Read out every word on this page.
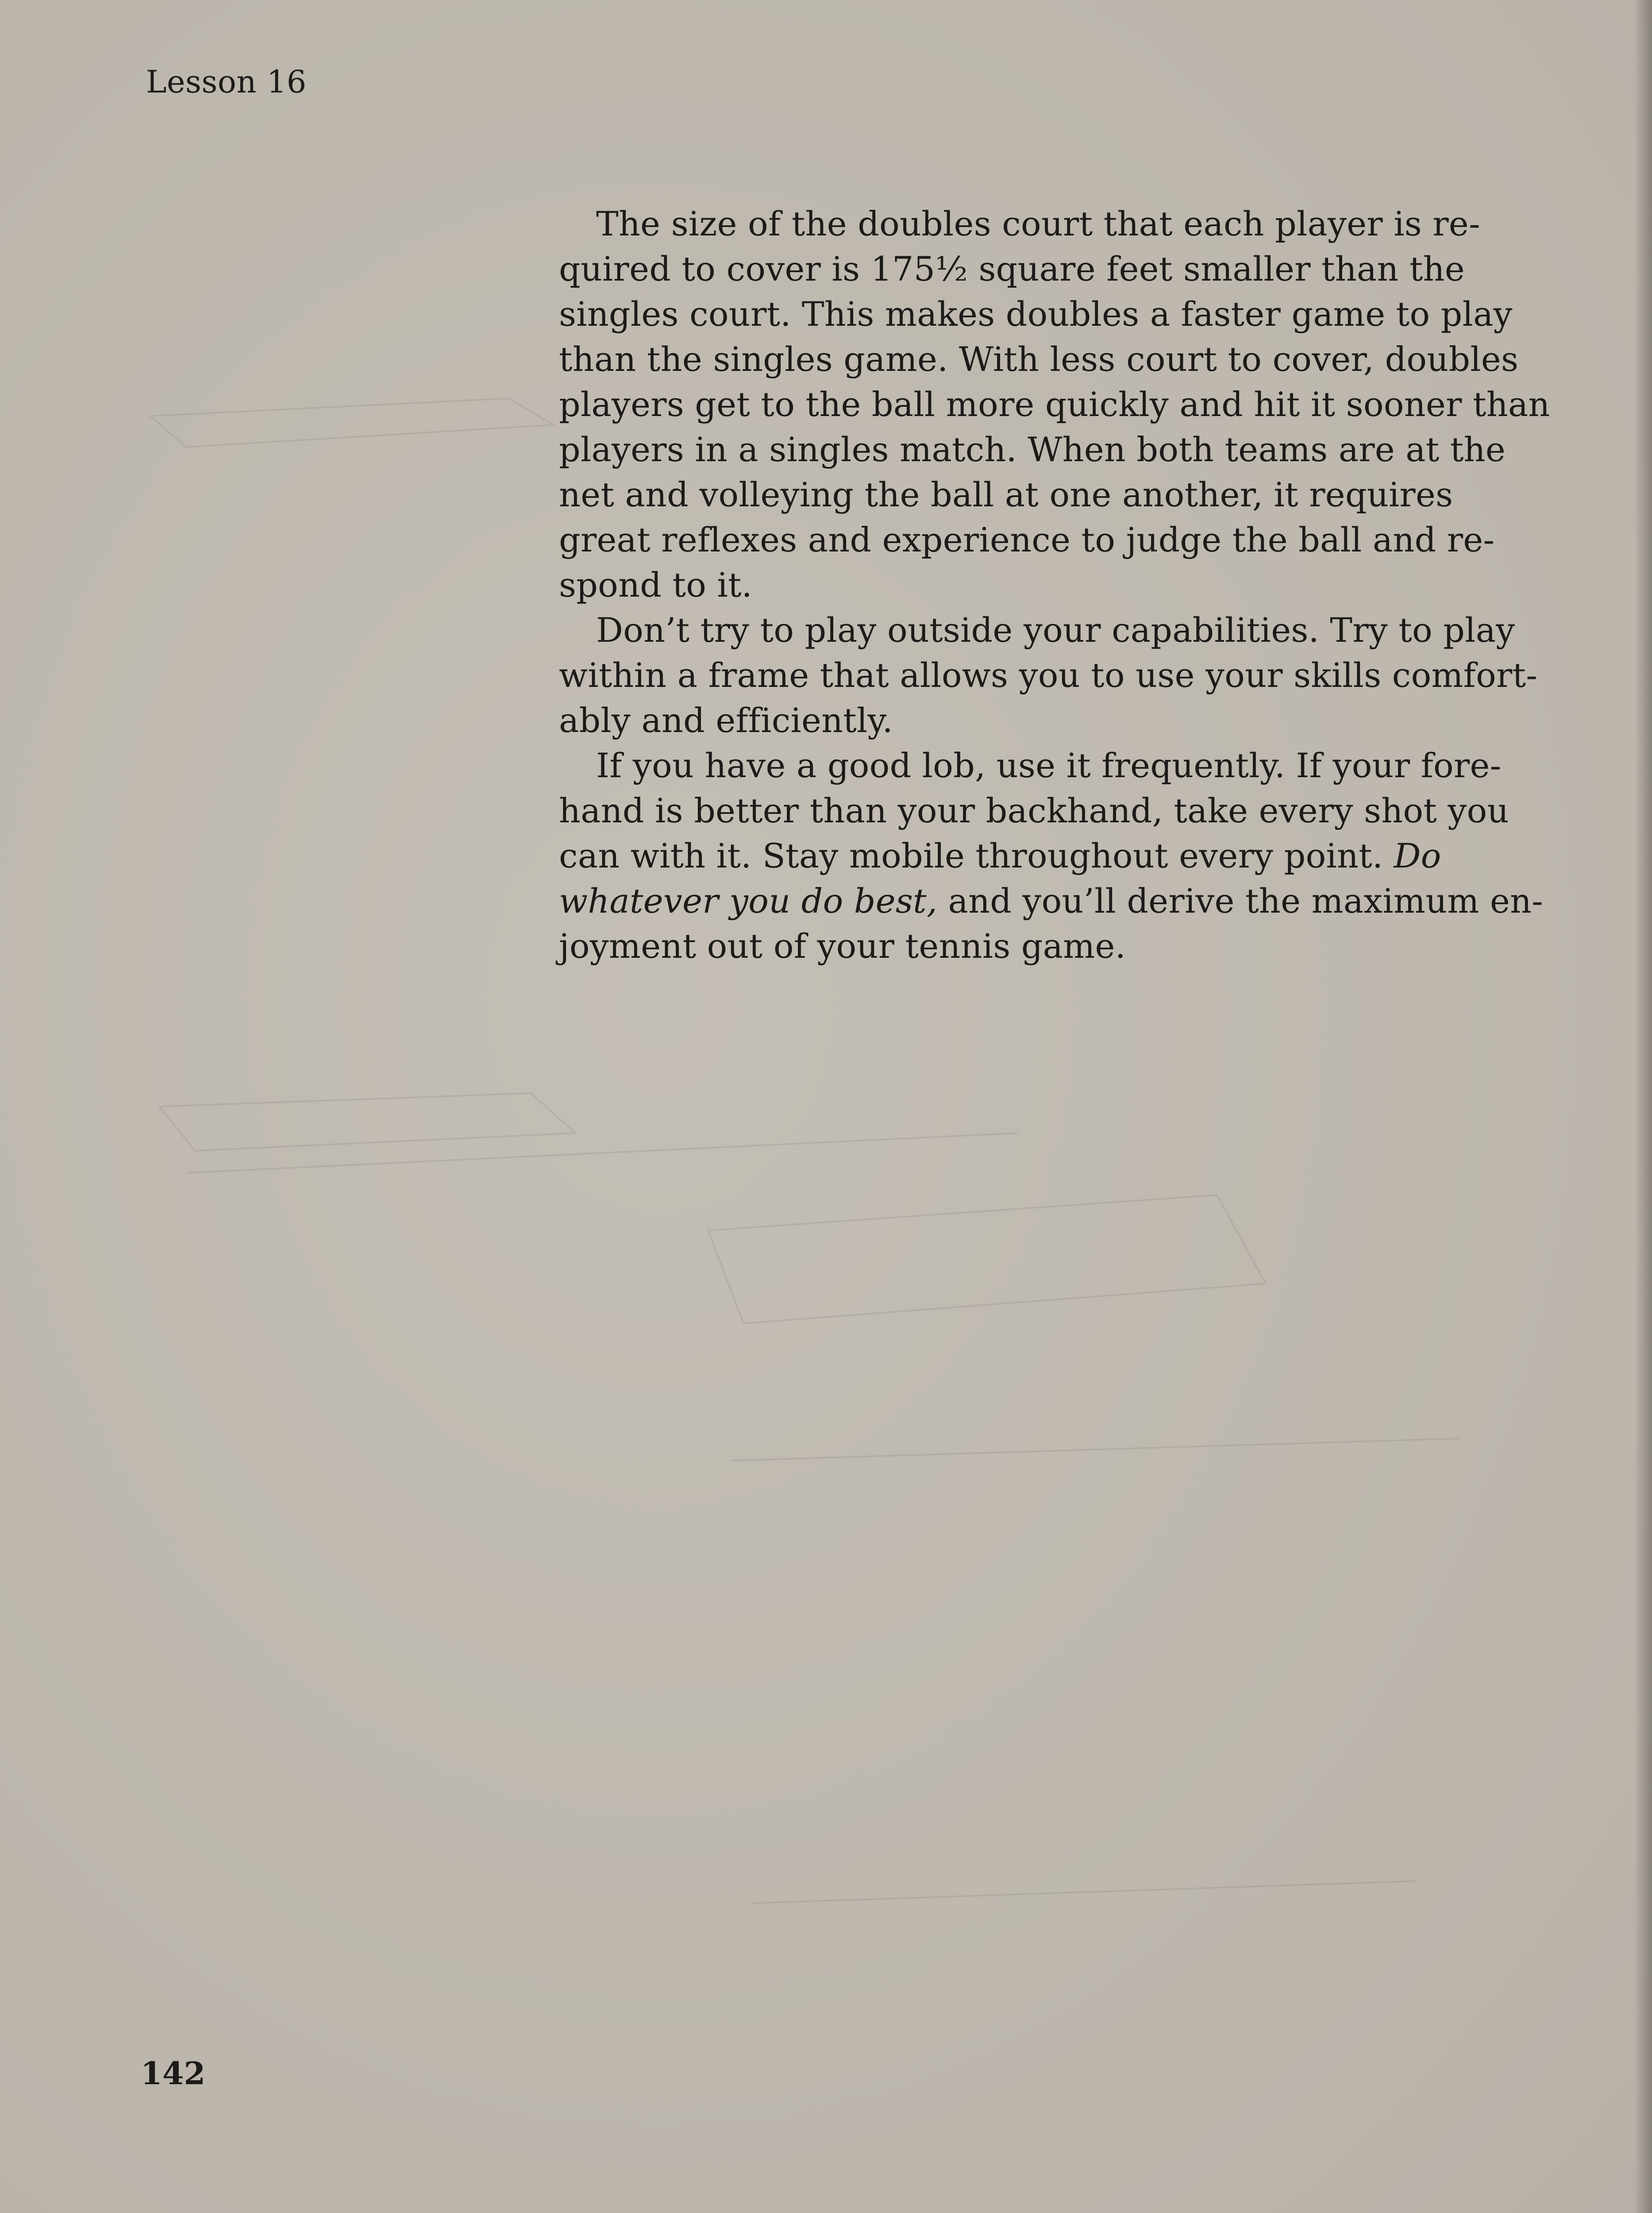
Lesson 16
The size of the doubles court that each player is re-
quired to cover is 175½ square feet smaller than the
singles court. This makes doubles a faster game to play
than the singles game. With less court to cover, doubles
players get to the ball more quickly and hit it sooner than
players in a singles match. When both teams are at the
net and volleying the ball at one another, it requires
great reflexes and experience to judge the ball and re-
spond to it.
Don’t try to play outside your capabilities. Try to play
within a frame that allows you to use your skills comfort-
ably and efficiently.
If you have a good lob, use it frequently. If your fore-
hand is better than your backhand, take every shot you
can with it. Stay mobile throughout every point. Do
whatever you do best, and you’ll derive the maximum en-
joyment out of your tennis game.
142
